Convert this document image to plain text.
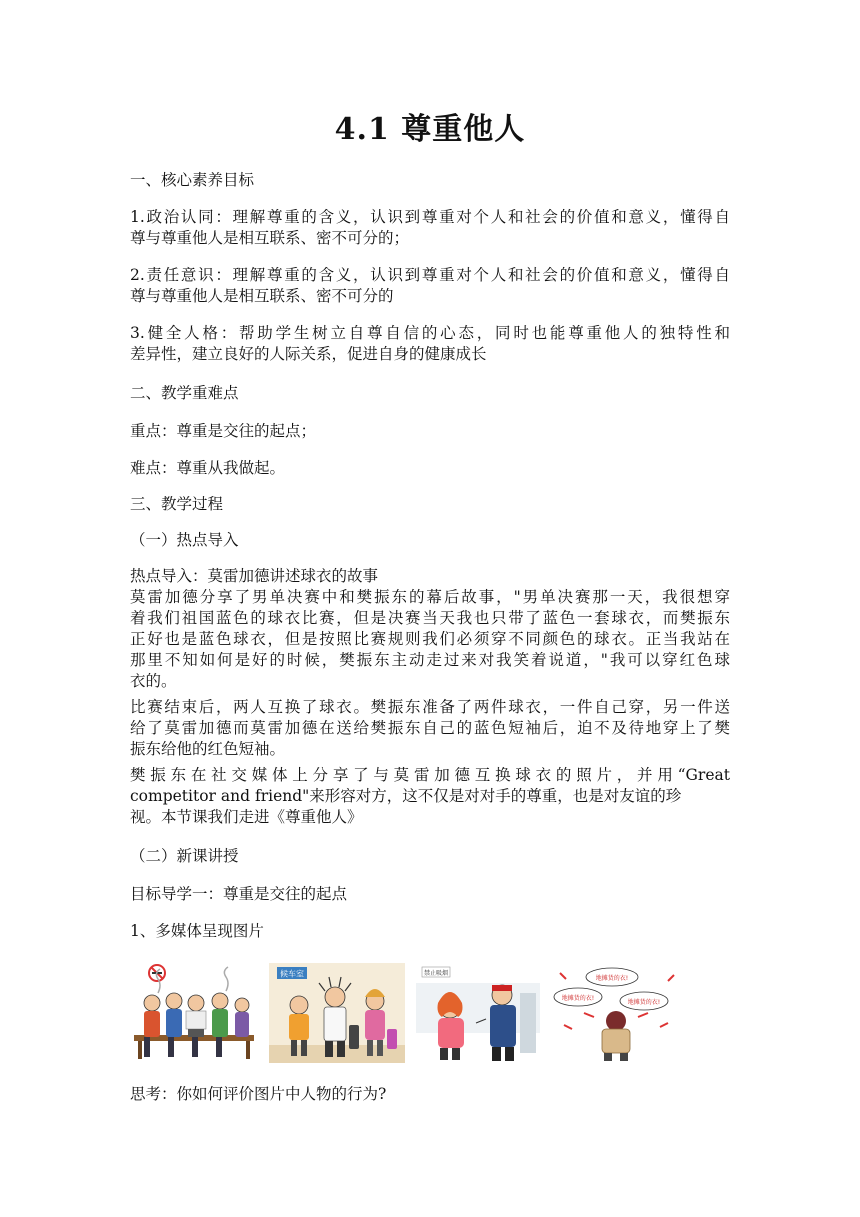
4.1 尊重他人
一、核心素养目标
1.政治认同：理解尊重的含义，认识到尊重对个人和社会的价值和意义，懂得自
尊与尊重他人是相互联系、密不可分的；
2.责任意识：理解尊重的含义，认识到尊重对个人和社会的价值和意义，懂得自
尊与尊重他人是相互联系、密不可分的
3.健全人格：帮助学生树立自尊自信的心态，同时也能尊重他人的独特性和
差异性，建立良好的人际关系，促进自身的健康成长
二、教学重难点
重点：尊重是交往的起点；
难点：尊重从我做起。
三、教学过程
（一）热点导入
热点导入：莫雷加德讲述球衣的故事
莫雷加德分享了男单决赛中和樊振东的幕后故事，"男单决赛那一天，我很想穿
着我们祖国蓝色的球衣比赛，但是决赛当天我也只带了蓝色一套球衣，而樊振东
正好也是蓝色球衣，但是按照比赛规则我们必须穿不同颜色的球衣。正当我站在
那里不知如何是好的时候，樊振东主动走过来对我笑着说道，"我可以穿红色球
衣的。
比赛结束后，两人互换了球衣。樊振东准备了两件球衣，一件自己穿，另一件送
给了莫雷加德而莫雷加德在送给樊振东自己的蓝色短袖后，迫不及待地穿上了樊
振东给他的红色短袖。
樊振东在社交媒体上分享了与莫雷加德互换球衣的照片，并用“Great
competitor and friend"来形容对方，这不仅是对对手的尊重，也是对友谊的珍
视。本节课我们走进《尊重他人》
（二）新课讲授
目标导学一：尊重是交往的起点
1、多媒体呈现图片
候车室	禁止吸烟
地摊货的衣!
地摊货的衣!
地摊货的衣!
思考：你如何评价图片中人物的行为?
